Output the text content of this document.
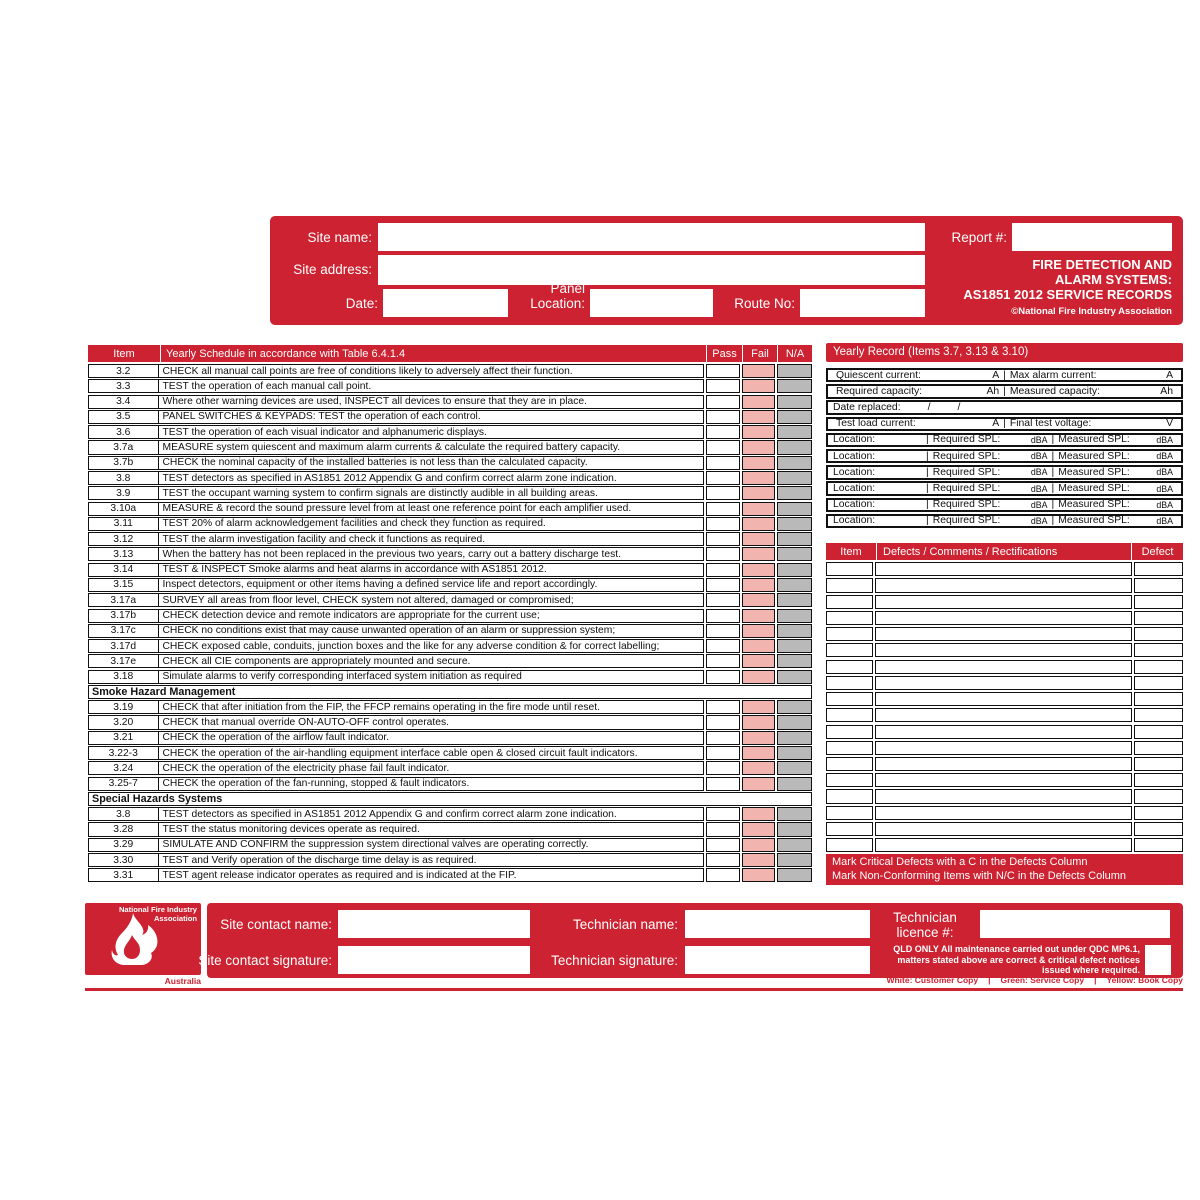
Site name:	Report #:
Site address:
Date:
Panel Location:	Route No:
FIRE DETECTION AND
ALARM SYSTEMS:
AS1851 2012 SERVICE RECORDS
©National Fire Industry Association
Item	Yearly Schedule in accordance with Table 6.4.1.4	Pass	Fail	N/A
3.2	CHECK all manual call points are free of conditions likely to adversely affect their function.
3.3	TEST the operation of each manual call point.
3.4	Where other warning devices are used, INSPECT all devices to ensure that they are in place.
3.5	PANEL SWITCHES & KEYPADS: TEST the operation of each control.
3.6	TEST the operation of each visual indicator and alphanumeric displays.
3.7a	MEASURE system quiescent and maximum alarm currents & calculate the required battery capacity.
3.7b	CHECK the nominal capacity of the installed batteries is not less than the calculated capacity.
3.8	TEST detectors as specified in AS1851 2012 Appendix G and confirm correct alarm zone indication.
3.9	TEST the occupant warning system to confirm signals are distinctly audible in all building areas.
3.10a	MEASURE & record the sound pressure level from at least one reference point for each amplifier used.
3.11	TEST 20% of alarm acknowledgement facilities and check they function as required.
3.12	TEST the alarm investigation facility and check it functions as required.
3.13	When the battery has not been replaced in the previous two years, carry out a battery discharge test.
3.14	TEST & INSPECT Smoke alarms and heat alarms in accordance with AS1851 2012.
3.15	Inspect detectors, equipment or other items having a defined service life and report accordingly.
3.17a	SURVEY all areas from floor level, CHECK system not altered, damaged or compromised;
3.17b	CHECK detection device and remote indicators are appropriate for the current use;
3.17c	CHECK no conditions exist that may cause unwanted operation of an alarm or suppression system;
3.17d	CHECK exposed cable, conduits, junction boxes and the like for any adverse condition & for correct labelling;
3.17e	CHECK all CIE components are appropriately mounted and secure.
3.18	Simulate alarms to verify corresponding interfaced system initiation as required
Smoke Hazard Management
3.19	CHECK that after initiation from the FIP, the FFCP remains operating in the fire mode until reset.
3.20	CHECK that manual override ON-AUTO-OFF control operates.
3.21	CHECK the operation of the airflow fault indicator.
3.22-3	CHECK the operation of the air-handling equipment interface cable open & closed circuit fault indicators.
3.24	CHECK the operation of the electricity phase fail fault indicator.
3.25-7	CHECK the operation of the fan-running, stopped & fault indicators.
Special Hazards Systems
3.8	TEST detectors as specified in AS1851 2012 Appendix G and confirm correct alarm zone indication.
3.28	TEST the status monitoring devices operate as required.
3.29	SIMULATE AND CONFIRM the suppression system directional valves are operating correctly.
3.30	TEST and Verify operation of the discharge time delay is as required.
3.31	TEST agent release indicator operates as required and is indicated at the FIP.
Yearly Record (Items 3.7, 3.13 & 3.10)
Quiescent current:	A | Max alarm current:	A
Required capacity:	Ah | Measured capacity:	Ah
Date replaced:	/	/
Test load current:	A | Final test voltage:	V
Location:	| Required SPL:	dBA | Measured SPL:	dBA
Location:	| Required SPL:	dBA | Measured SPL:	dBA
Location:	| Required SPL:	dBA | Measured SPL:	dBA
Location:	| Required SPL:	dBA | Measured SPL:	dBA
Location:	| Required SPL:	dBA | Measured SPL:	dBA
Location:	| Required SPL:	dBA | Measured SPL:	dBA
Item	Defects / Comments / Rectifications	Defect
Mark Critical Defects with a C in the Defects Column
Mark Non-Conforming Items with N/C in the Defects Column
National Fire Industry
Association
Australia
Site contact name:	Technician name:	Technician licence #:
Site contact signature:	Technician signature:
QLD ONLY All maintenance carried out under QDC MP6.1, matters stated above are correct & critical defect notices issued where required.
White: Customer Copy | Green: Service Copy | Yellow: Book Copy
